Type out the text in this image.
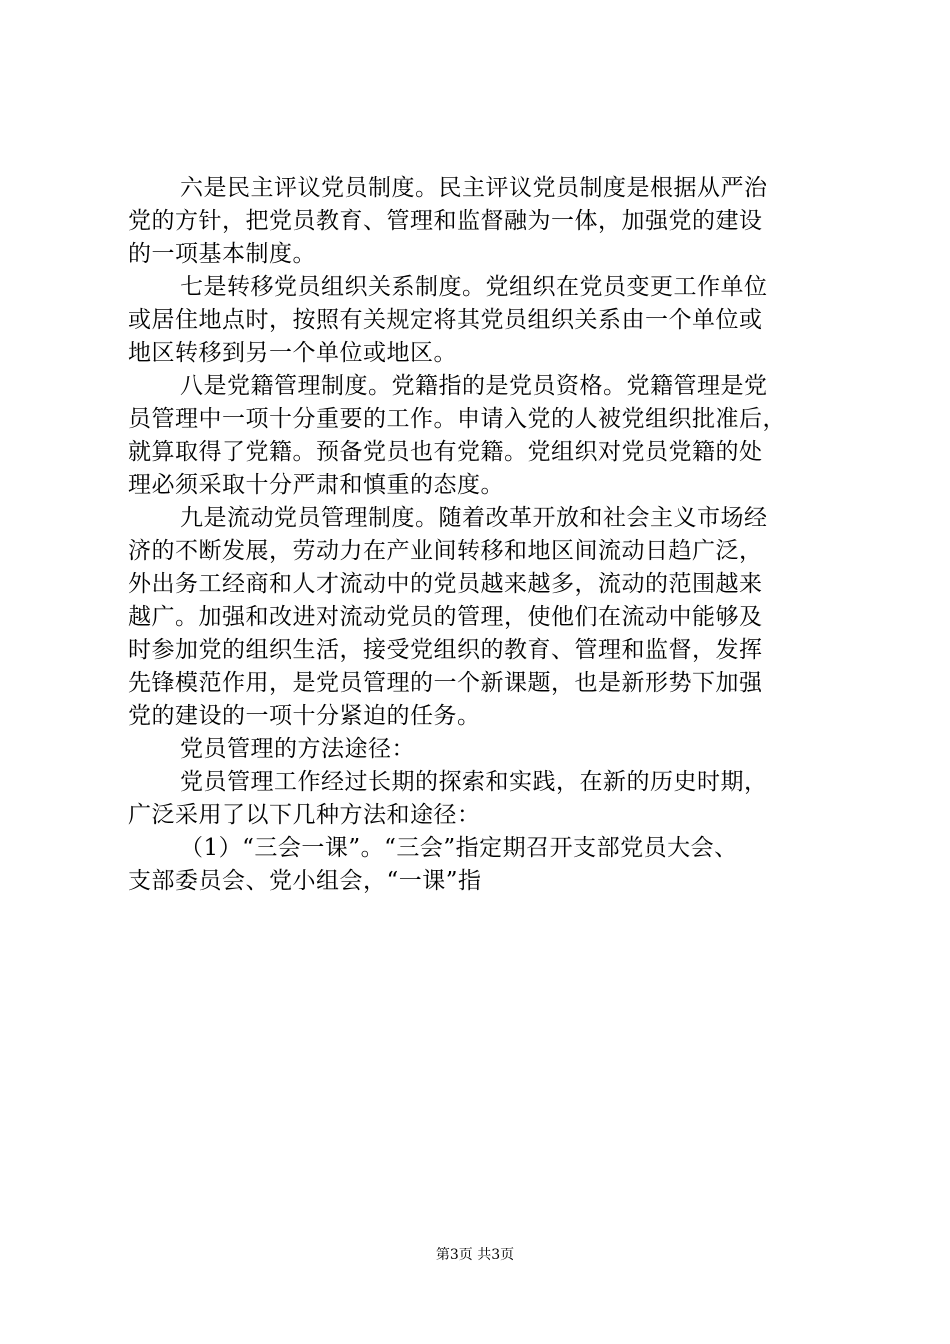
六是民主评议党员制度。民主评议党员制度是根据从严治
党的方针，把党员教育、管理和监督融为一体，加强党的建设
的一项基本制度。
七是转移党员组织关系制度。党组织在党员变更工作单位
或居住地点时，按照有关规定将其党员组织关系由一个单位或
地区转移到另一个单位或地区。
八是党籍管理制度。党籍指的是党员资格。党籍管理是党
员管理中一项十分重要的工作。申请入党的人被党组织批准后，
就算取得了党籍。预备党员也有党籍。党组织对党员党籍的处
理必须采取十分严肃和慎重的态度。
九是流动党员管理制度。随着改革开放和社会主义市场经
济的不断发展，劳动力在产业间转移和地区间流动日趋广泛，
外出务工经商和人才流动中的党员越来越多，流动的范围越来
越广。加强和改进对流动党员的管理，使他们在流动中能够及
时参加党的组织生活，接受党组织的教育、管理和监督，发挥
先锋模范作用，是党员管理的一个新课题，也是新形势下加强
党的建设的一项十分紧迫的任务。
党员管理的方法途径：
党员管理工作经过长期的探索和实践，在新的历史时期，
广泛采用了以下几种方法和途径：
（1）“三会一课”。“三会”指定期召开支部党员大会、
支部委员会、党小组会，“一课”指
第3页 共3页
